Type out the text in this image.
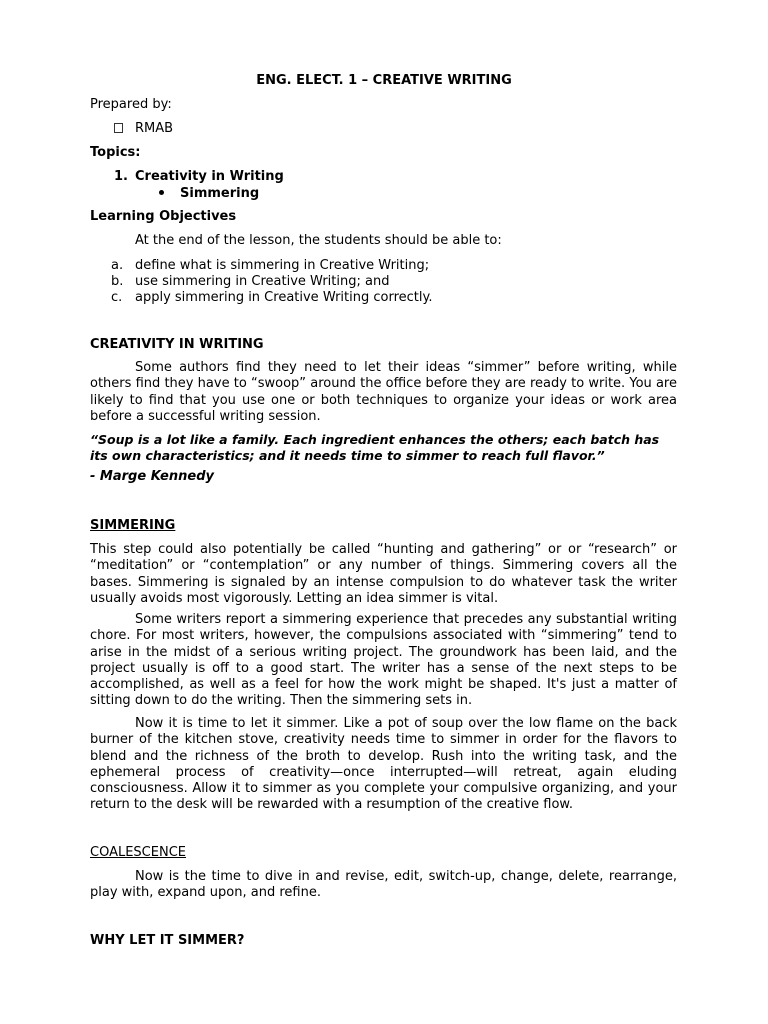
ENG. ELECT. 1 – CREATIVE WRITING
Prepared by:
RMAB
Topics:
1. Creativity in Writing
Simmering
Learning Objectives
At the end of the lesson, the students should be able to:
a. define what is simmering in Creative Writing;
b. use simmering in Creative Writing; and
c. apply simmering in Creative Writing correctly.
CREATIVITY IN WRITING

Some authors find they need to let their ideas “simmer” before writing, while others find they have to “swoop” around the office before they are ready to write. You are likely to find that you use one or both techniques to organize your ideas or work area before a successful writing session.

“Soup is a lot like a family. Each ingredient enhances the others; each batch has its own characteristics; and it needs time to simmer to reach full flavor.”

- Marge Kennedy
SIMMERING

This step could also potentially be called “hunting and gathering” or or “research” or “meditation” or “contemplation” or any number of things. Simmering covers all the bases. Simmering is signaled by an intense compulsion to do whatever task the writer usually avoids most vigorously. Letting an idea simmer is vital.

Some writers report a simmering experience that precedes any substantial writing chore. For most writers, however, the compulsions associated with “simmering” tend to arise in the midst of a serious writing project. The groundwork has been laid, and the project usually is off to a good start. The writer has a sense of the next steps to be accomplished, as well as a feel for how the work might be shaped. It's just a matter of sitting down to do the writing. Then the simmering sets in.

Now it is time to let it simmer. Like a pot of soup over the low flame on the back burner of the kitchen stove, creativity needs time to simmer in order for the flavors to blend and the richness of the broth to develop. Rush into the writing task, and the ephemeral process of creativity—once interrupted—will retreat, again eluding consciousness. Allow it to simmer as you complete your compulsive organizing, and your return to the desk will be rewarded with a resumption of the creative flow.

COALESCENCE

Now is the time to dive in and revise, edit, switch-up, change, delete, rearrange, play with, expand upon, and refine.

WHY LET IT SIMMER?
